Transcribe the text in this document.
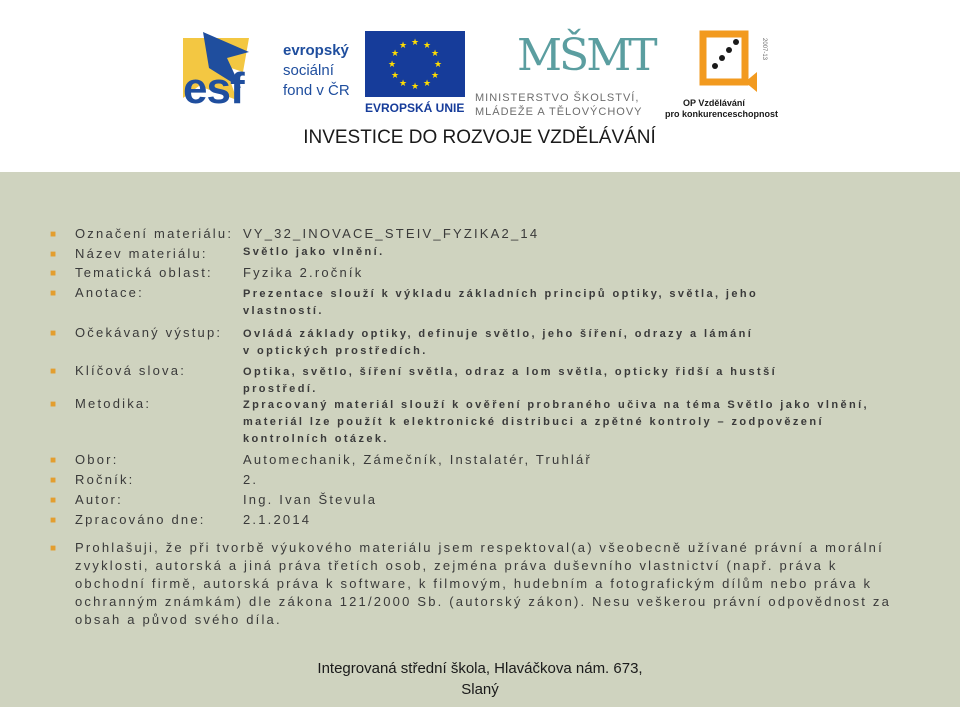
esf
evropský
sociální
fond v ČR
★ ★
★
★
★
★
★
★
★
★
★
★
EVROPSKÁ UNIE
MŠMT
MINISTERSTVO ŠKOLSTVÍ,
MLÁDEŽE A TĚLOVÝCHOVY
2007-13
OP Vzdělávání
pro konkurenceschopnost
INVESTICE DO ROZVOJE VZDĚLÁVÁNÍ
■ Označení materiálu: VY_32_INOVACE_STEIV_FYZIKA2_14
■ Název materiálu:	Světlo jako vlnění.
■ Tematická oblast: Fyzika 2.ročník
■ Anotace:	Prezentace slouží k výkladu základních principů optiky, světla, jeho
vlastností.
■ Očekávaný výstup: Ovládá základy optiky, definuje světlo, jeho šíření, odrazy a lámání
v optických prostředích.
■ Klíčová slova:	Optika, světlo, šíření světla, odraz a lom světla, opticky řidší a hustší
prostředí.
■ Metodika:	Zpracovaný materiál slouží k ověření probraného učiva na téma Světlo jako vlnění,
materiál lze použít k elektronické distribuci a zpětné kontroly – zodpovězení
kontrolních otázek.
■ Obor:	Automechanik, Zámečník, Instalatér, Truhlář
■ Ročník:	2.
■ Autor:	Ing. Ivan Števula
■ Zpracováno dne:	2.1.2014
■ Prohlašuji, že při tvorbě výukového materiálu jsem respektoval(a) všeobecně užívané právní a morální
zvyklosti, autorská a jiná práva třetích osob, zejména práva duševního vlastnictví (např. práva k
obchodní firmě, autorská práva k software, k filmovým, hudebním a fotografickým dílům nebo práva k
ochranným známkám) dle zákona 121/2000 Sb. (autorský zákon). Nesu veškerou právní odpovědnost za
obsah a původ svého díla.
Integrovaná střední škola, Hlaváčkova nám. 673,
Slaný
